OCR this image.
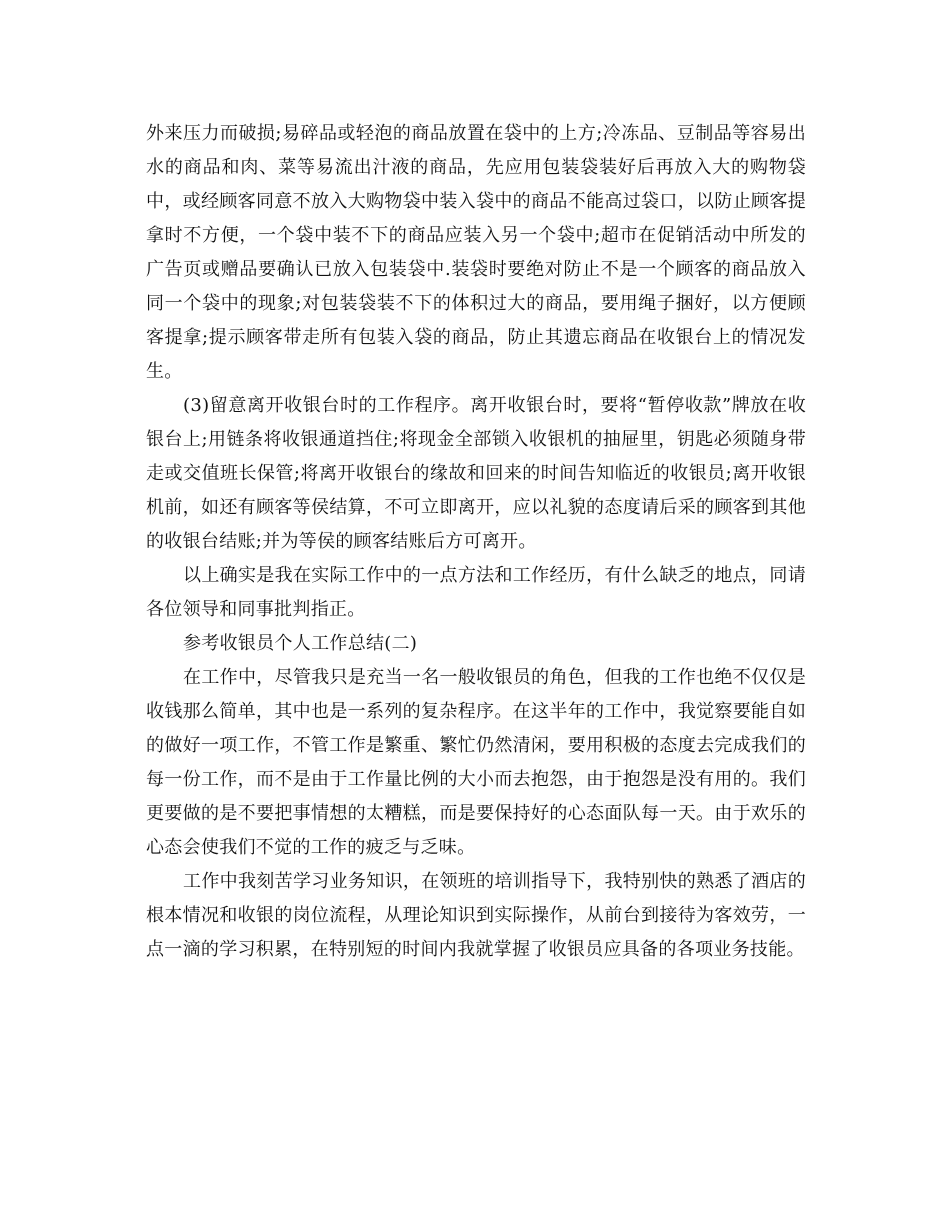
外来压力而破损;易碎品或轻泡的商品放置在袋中的上方;冷冻品、豆制品等容易出水的商品和肉、菜等易流出汁液的商品，先应用包装袋装好后再放入大的购物袋中，或经顾客同意不放入大购物袋中装入袋中的商品不能高过袋口，以防止顾客提拿时不方便，一个袋中装不下的商品应装入另一个袋中;超市在促销活动中所发的广告页或赠品要确认已放入包装袋中.装袋时要绝对防止不是一个顾客的商品放入同一个袋中的现象;对包装袋装不下的体积过大的商品，要用绳子捆好，以方便顾客提拿;提示顾客带走所有包装入袋的商品，防止其遗忘商品在收银台上的情况发生。

(3)留意离开收银台时的工作程序。离开收银台时，要将“暂停收款”牌放在收银台上;用链条将收银通道挡住;将现金全部锁入收银机的抽屉里，钥匙必须随身带走或交值班长保管;将离开收银台的缘故和回来的时间告知临近的收银员;离开收银机前，如还有顾客等侯结算，不可立即离开，应以礼貌的态度请后采的顾客到其他的收银台结账;并为等侯的顾客结账后方可离开。

以上确实是我在实际工作中的一点方法和工作经历，有什么缺乏的地点，同请各位领导和同事批判指正。

参考收银员个人工作总结(二)

在工作中，尽管我只是充当一名一般收银员的角色，但我的工作也绝不仅仅是收钱那么简单，其中也是一系列的复杂程序。在这半年的工作中，我觉察要能自如的做好一项工作，不管工作是繁重、繁忙仍然清闲，要用积极的态度去完成我们的每一份工作，而不是由于工作量比例的大小而去抱怨，由于抱怨是没有用的。我们更要做的是不要把事情想的太糟糕，而是要保持好的心态面队每一天。由于欢乐的心态会使我们不觉的工作的疲乏与乏味。

工作中我刻苦学习业务知识，在领班的培训指导下，我特别快的熟悉了酒店的根本情况和收银的岗位流程，从理论知识到实际操作，从前台到接待为客效劳，一点一滴的学习积累，在特别短的时间内我就掌握了收银员应具备的各项业务技能。
